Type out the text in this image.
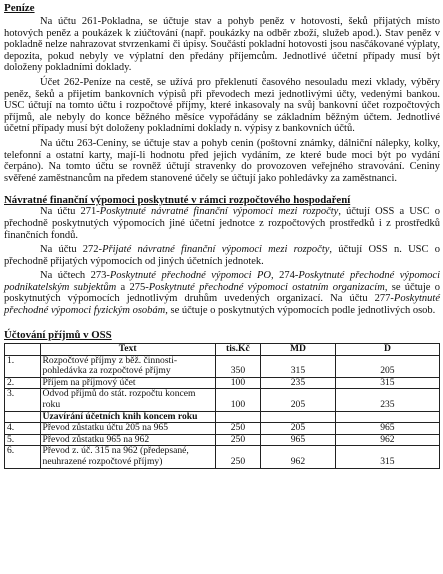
Peníze

Na účtu 261-Pokladna, se účtuje stav a pohyb peněz v hotovosti, šeků přijatých místo hotových peněz a poukázek k ziúčtování (např. poukázky na odběr zboží, služeb apod.). Stav peněz v pokladně nelze nahrazovat stvrzenkami či úpisy. Součásti pokladní hotovosti jsou nasčákované výplaty, depozita, pokud nebyly ve výplatní den předány příjemcům. Jednotlivé účetní případy musí být doloženy pokladními doklady.

Účet 262-Peníze na cestě, se užívá pro překlenutí časového nesouladu mezi vklady, výběry peněz, šeků a přijetím bankovních výpisů při převodech mezi jednotlivými účty, vedenými bankou. USC účtují na tomto účtu i rozpočtové příjmy, které inkasovaly na svůj bankovní účet rozpočtových příjmů, ale nebyly do konce běžného měsíce vypořádány se základním běžným účtem. Jednotlivé účetní případy musí být doloženy pokladními doklady n. výpisy z bankovních účtů.

Na účtu 263-Ceniny, se účtuje stav a pohyb cenin (poštovní známky, dálniční nálepky, kolky, telefonní a ostatní karty, mají-li hodnotu před jejich vydáním, ze které bude moci být po vydání čerpáno). Na tomto účtu se rovněž účtují stravenky do provozoven veřejného stravování. Ceniny svěřené zaměstnancům na předem stanovené účely se účtují jako pohledávky za zaměstnanci.

Návratné finanční výpomoci poskytnuté v rámci rozpočtového hospodaření

Na účtu 271-Poskytnuté návratné finanční výpomoci mezi rozpočty, účtují OSS a USC o přechodně poskytnutých výpomocích jiné účetní jednotce z rozpočtových prostředků i z prostředků finančních fondů.

Na účtu 272-Přijaté návratné finanční výpomoci mezi rozpočty, účtují OSS n. USC o přechodně přijatých výpomocích od jiných účetních jednotek.

Na účtech 273-Poskytnuté přechodné výpomoci PO, 274-Poskytnuté přechodné výpomoci podnikatelským subjektům a 275-Poskytnuté přechodné výpomoci ostatním organizacím, se účtuje o poskytnutých výpomocích jednotlivým druhům uvedených organizací. Na účtu 277-Poskytnuté přechodné výpomoci fyzickým osobám, se účtuje o poskytnutých výpomocích podle jednotlivých osob.

Účtování příjmů v OSS
	Text	tis.Kč	MD	D
1.	Rozpočtové příjmy z běž. činnosti-pohledávka za rozpočtové příjmy	350	315	205
2.	Příjem na příjmový účet	100	235	315
3.	Odvod příjmů do stát. rozpočtu koncem roku	100	205	235
	Uzavírání účetních knih koncem roku			
4.	Převod zůstatku účtu 205 na 965	250	205	965
5.	Převod zůstatku 965 na 962	250	965	962
6.	Převod z. úč. 315 na 962 (předepsané, neuhrazené rozpočtové příjmy)	250	962	315
